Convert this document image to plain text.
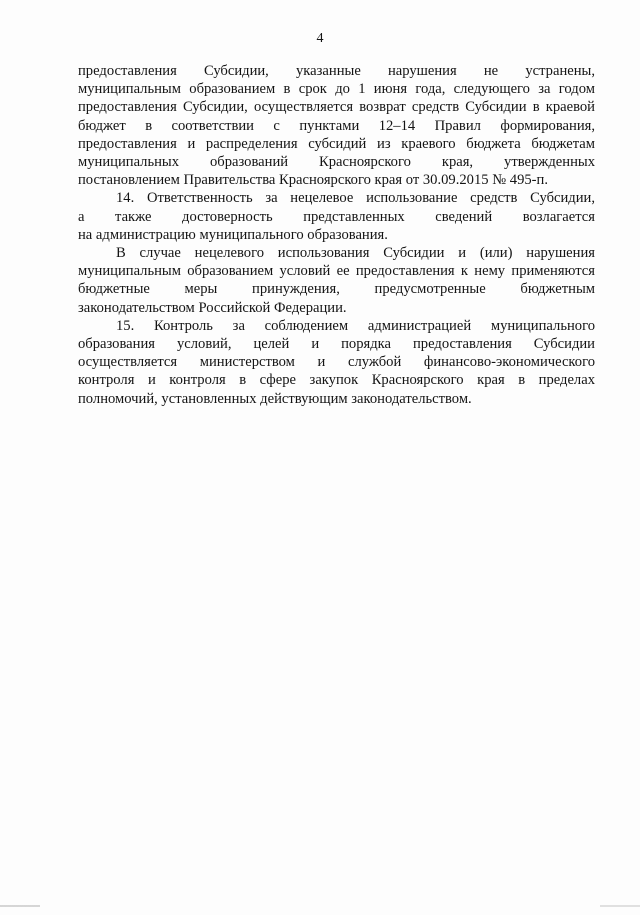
4

предоставления Субсидии, указанные нарушения не устранены,
муниципальным образованием в срок до 1 июня года, следующего за годом
предоставления Субсидии, осуществляется возврат средств Субсидии в краевой
бюджет в соответствии с пунктами 12–14 Правил формирования,
предоставления и распределения субсидий из краевого бюджета бюджетам
муниципальных образований Красноярского края, утвержденных
постановлением Правительства Красноярского края от 30.09.2015 № 495-п.

14. Ответственность за нецелевое использование средств Субсидии,
а также достоверность представленных сведений возлагается
на администрацию муниципального образования.

В случае нецелевого использования Субсидии и (или) нарушения
муниципальным образованием условий ее предоставления к нему применяются
бюджетные меры принуждения, предусмотренные бюджетным
законодательством Российской Федерации.

15. Контроль за соблюдением администрацией муниципального
образования условий, целей и порядка предоставления Субсидии
осуществляется министерством и службой финансово-экономического
контроля и контроля в сфере закупок Красноярского края в пределах
полномочий, установленных действующим законодательством.
